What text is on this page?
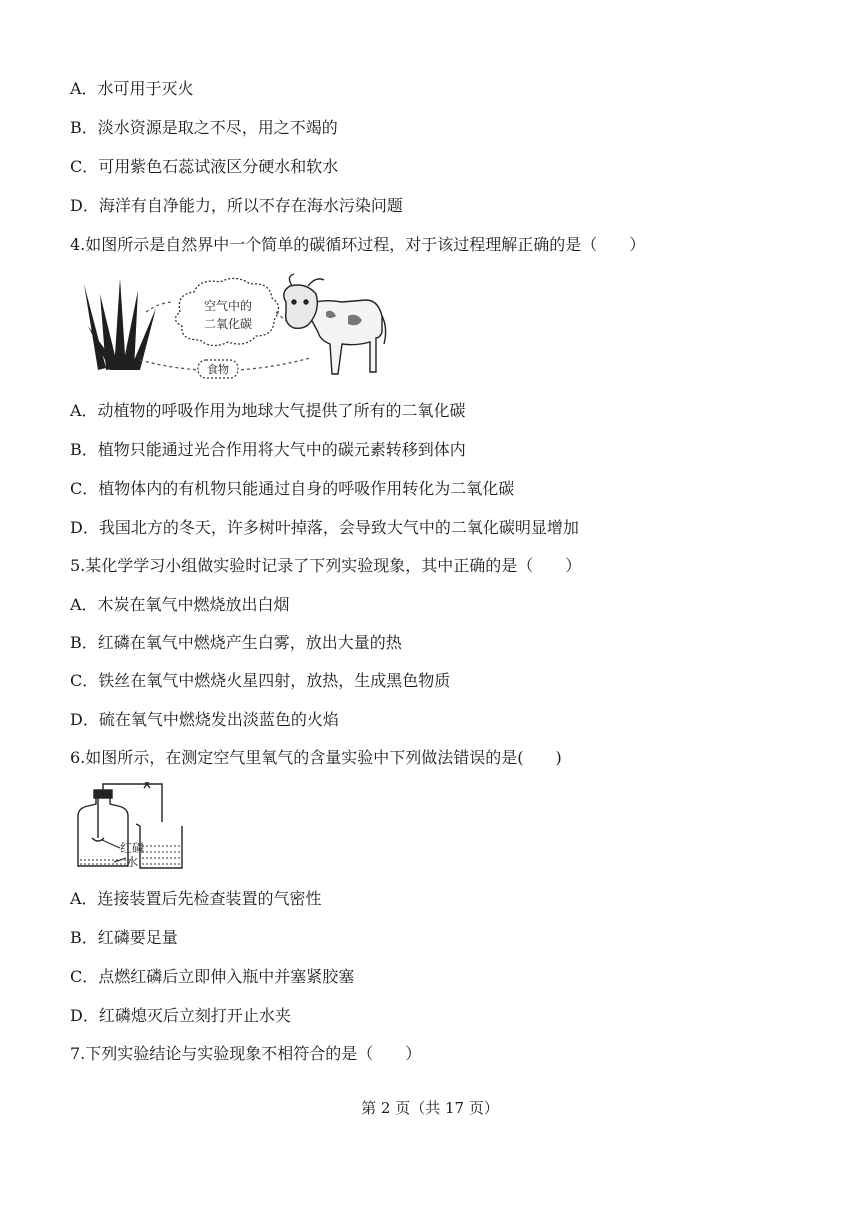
A．水可用于灭火
B．淡水资源是取之不尽，用之不竭的
C．可用紫色石蕊试液区分硬水和软水
D．海洋有自净能力，所以不存在海水污染问题
4.如图所示是自然界中一个简单的碳循环过程，对于该过程理解正确的是（　　）
空气中的
二氧化碳
食物
A．动植物的呼吸作用为地球大气提供了所有的二氧化碳
B．植物只能通过光合作用将大气中的碳元素转移到体内
C．植物体内的有机物只能通过自身的呼吸作用转化为二氧化碳
D．我国北方的冬天，许多树叶掉落，会导致大气中的二氧化碳明显增加
5.某化学学习小组做实验时记录了下列实验现象，其中正确的是（　　）
A．木炭在氧气中燃烧放出白烟
B．红磷在氧气中燃烧产生白雾，放出大量的热
C．铁丝在氧气中燃烧火星四射，放热，生成黑色物质
D．硫在氧气中燃烧发出淡蓝色的火焰
6.如图所示，在测定空气里氧气的含量实验中下列做法错误的是(　　)
红磷
水
A．连接装置后先检查装置的气密性
B．红磷要足量
C．点燃红磷后立即伸入瓶中并塞紧胶塞
D．红磷熄灭后立刻打开止水夹
7.下列实验结论与实验现象不相符合的是（　　）
第 2 页（共 17 页）
